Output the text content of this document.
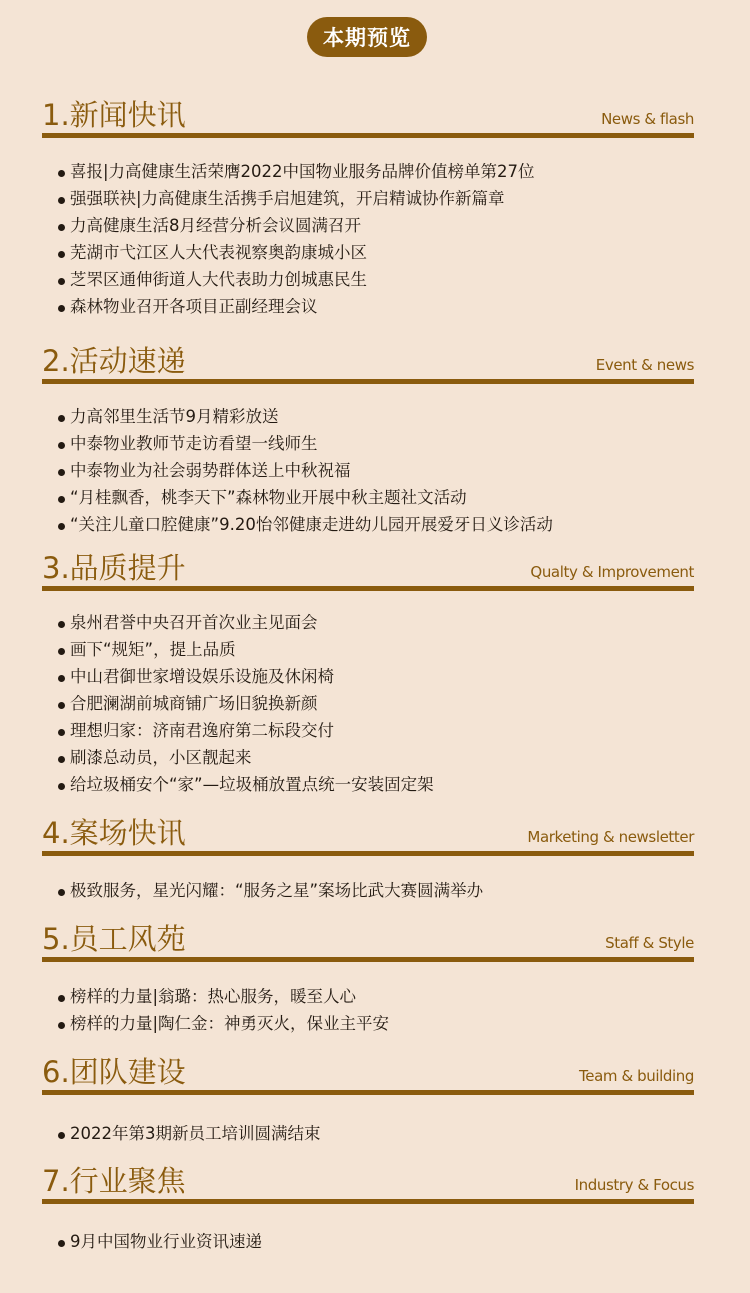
本期预览
1.新闻快讯	News & flash
喜报|力高健康生活荣膺2022中国物业服务品牌价值榜单第27位
强强联袂|力高健康生活携手启旭建筑，开启精诚协作新篇章
力高健康生活8月经营分析会议圆满召开
芜湖市弋江区人大代表视察奥韵康城小区
芝罘区通伸街道人大代表助力创城惠民生
森林物业召开各项目正副经理会议
2.活动速递	Event & news
力高邻里生活节9月精彩放送
中泰物业教师节走访看望一线师生
中泰物业为社会弱势群体送上中秋祝福
“月桂飘香，桃李天下”森林物业开展中秋主题社文活动
“关注儿童口腔健康”9.20怡邻健康走进幼儿园开展爱牙日义诊活动
3.品质提升	Qualty & Improvement
泉州君誉中央召开首次业主见面会
画下“规矩”，提上品质
中山君御世家增设娱乐设施及休闲椅
合肥澜湖前城商铺广场旧貌换新颜
理想归家：济南君逸府第二标段交付
刷漆总动员，小区靓起来
给垃圾桶安个“家”—垃圾桶放置点统一安装固定架
4.案场快讯	Marketing & newsletter
极致服务，星光闪耀：“服务之星”案场比武大赛圆满举办
5.员工风苑	Staff & Style
榜样的力量|翁璐：热心服务，暖至人心
榜样的力量|陶仁金：神勇灭火，保业主平安
6.团队建设	Team & building
2022年第3期新员工培训圆满结束
7.行业聚焦	Industry & Focus
9月中国物业行业资讯速递
